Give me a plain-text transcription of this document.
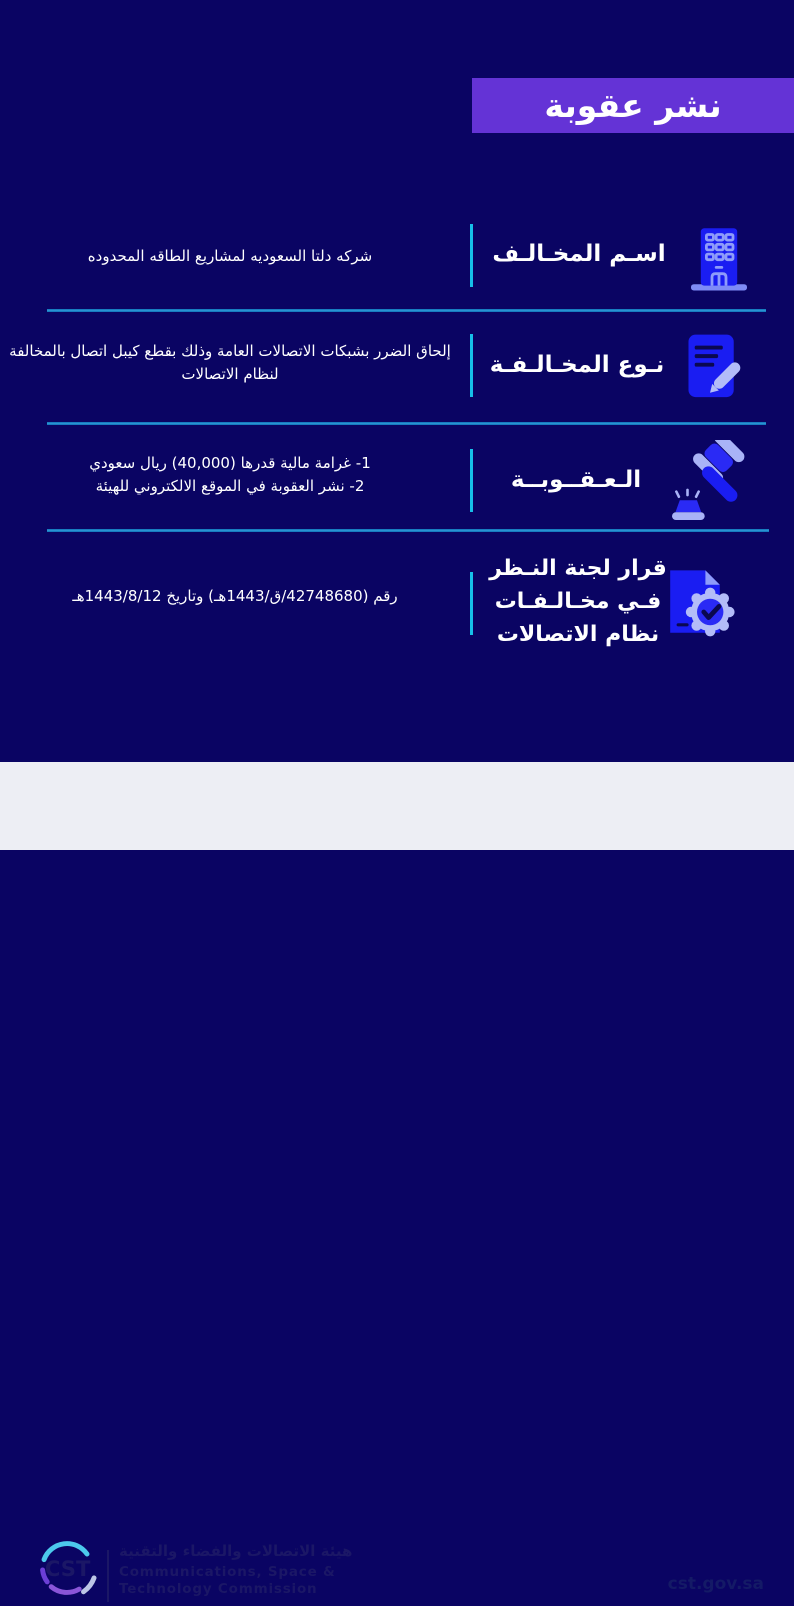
نشر عقوبة
اسـم المخـالـف
شركه دلتا السعوديه لمشاريع الطاقه المحدوده
نـوع المخـالـفـة
إلحاق الضرر بشبكات الاتصالات العامة وذلك بقطع كيبل اتصال بالمخالفة
لنظام الاتصالات
الـعـقــوبــة
1- غرامة مالية قدرها (40,000) ريال سعودي
2- نشر العقوبة في الموقع الالكتروني للهيئة
قرار لجنة النـظر
فـي مخـالـفـات
نظام الاتصالات
رقم (42748680/ق/1443هـ) وتاريخ 1443/8/12هـ
CST
هيئة الاتصالات والفضاء والتقنية
Communications, Space &
Technology Commission	cst.gov.sa
